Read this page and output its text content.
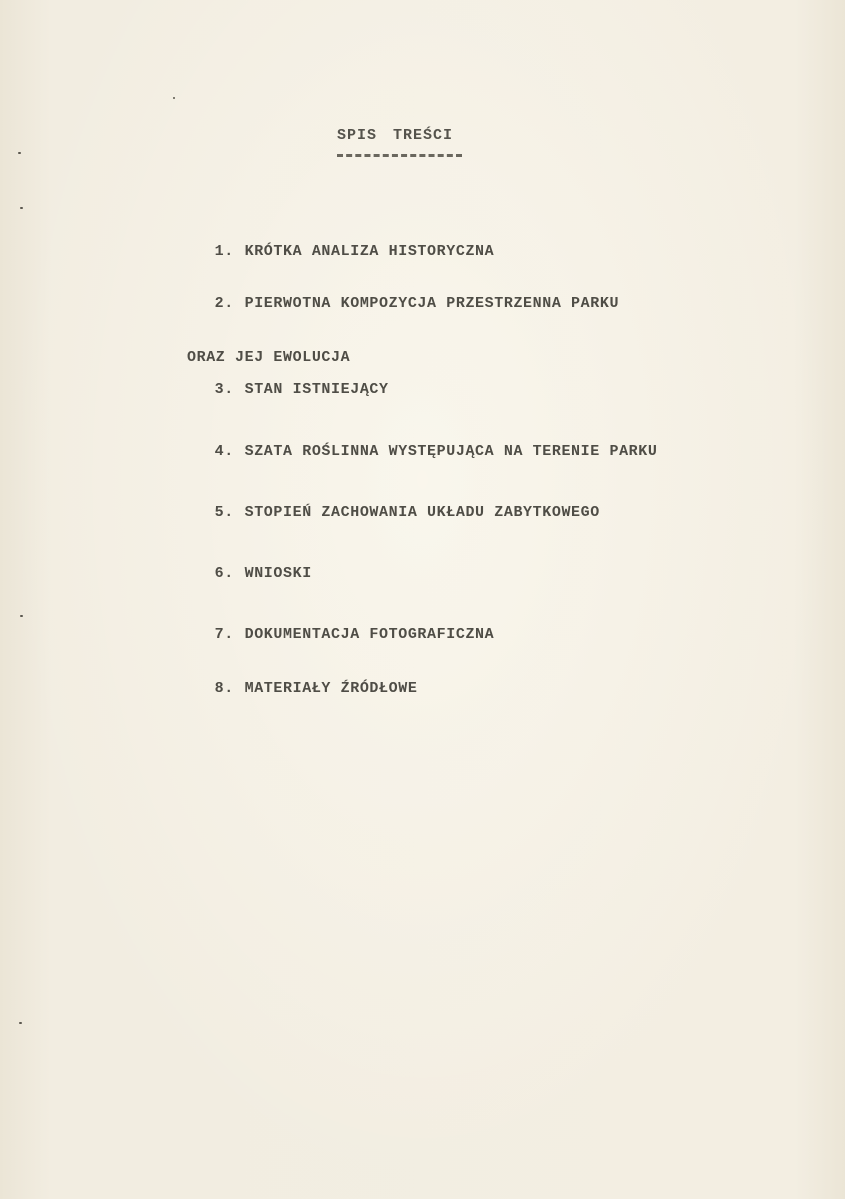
SPIS TREŚCI

1. KRÓTKA ANALIZA HISTORYCZNA

2. PIERWOTNA KOMPOZYCJA PRZESTRZENNA PARKU

ORAZ JEJ EWOLUCJA

3. STAN ISTNIEJĄCY

4. SZATA ROŚLINNA WYSTĘPUJĄCA NA TERENIE PARKU

5. STOPIEŃ ZACHOWANIA UKŁADU ZABYTKOWEGO

6. WNIOSKI

7. DOKUMENTACJA FOTOGRAFICZNA

8. MATERIAŁY ŹRÓDŁOWE
